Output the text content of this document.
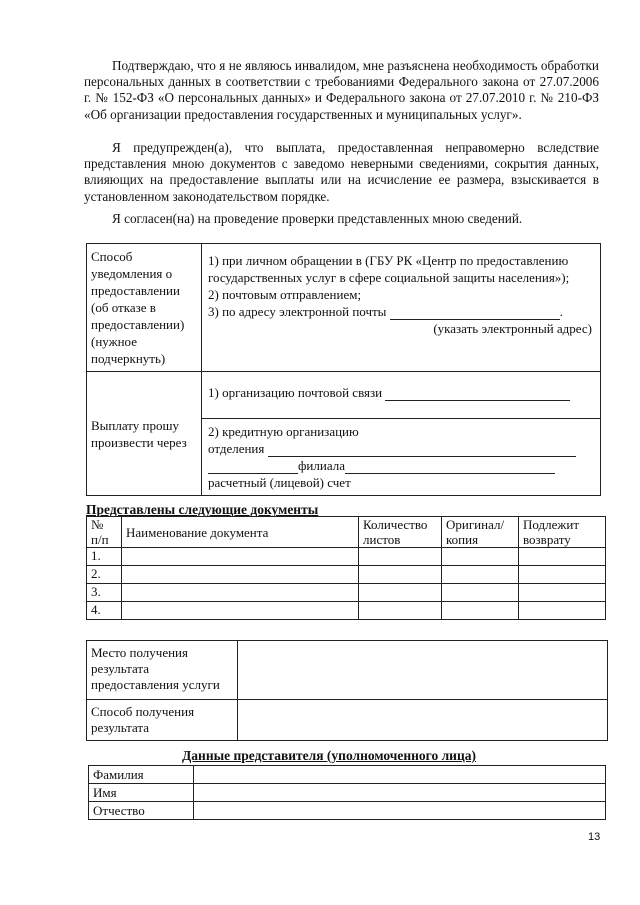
Подтверждаю, что я не являюсь инвалидом, мне разъяснена необходимость обработки персональных данных в соответствии с требованиями Федерального закона от 27.07.2006 г. № 152-ФЗ «О персональных данных» и Федерального закона от 27.07.2010 г. № 210-ФЗ «Об организации предоставления государственных и муниципальных услуг».
Я предупрежден(а), что выплата, предоставленная неправомерно вследствие представления мною документов с заведомо неверными сведениями, сокрытия данных, влияющих на предоставление выплаты или на исчисление ее размера, взыскивается в установленном законодательством порядке.
Я согласен(на) на проведение проверки представленных мною сведений.
Способ уведомления о предоставлении (об отказе в предоставлении) (нужное подчеркнуть)	1) при личном обращении в (ГБУ РК «Центр по предоставлению государственных услуг в сфере социальной защиты населения»);
2) почтовым отправлением;
3) по адресу электронной почты .
(указать электронный адрес)

Выплату прошу произвести через	1) организацию почтовой связи
2) кредитную организацию
отделения
филиала
расчетный (лицевой) счет
Представлены следующие документы
№ п/п	Наименование документа	Количество листов	Оригинал/копия	Подлежит возврату
1.				
2.				
3.				
4.				
Место получения результата предоставления услуги	
Способ получения результата	
Данные представителя (уполномоченного лица)
Фамилия	
Имя	
Отчество	
13
